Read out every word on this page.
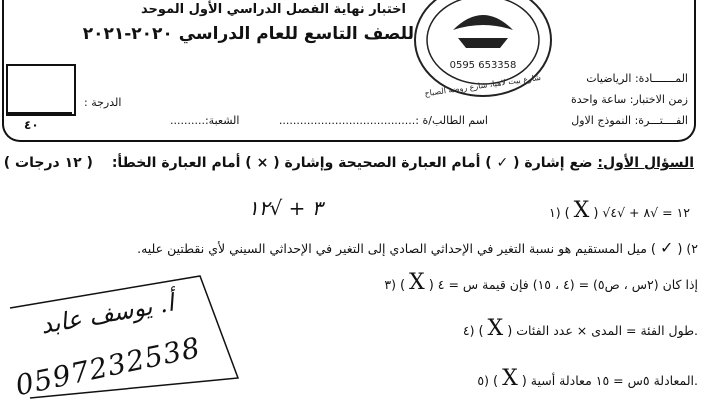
اختبار نهاية الفصل الدراسي الأول الموحد
للصف التاسع للعام الدراسي ٢٠٢٠-٢٠٢١
0595 653358
شارع بيت لاهيا، شارع روضة الصباح	المـــــــادة: الرياضيات
زمن الاختبار: ساعة واحدة
الفــــتـــرة: النموذج الاول
اسم الطالب/ة :.......................................
الشعبة:..........
الدرجة :
٤٠
السؤال الأول: ضع إشارة ( ✓ ) أمام العبارة الصحيحة وإشارة ( × ) أمام العبارة الخطأ: ( ١٢ درجات )
١) ( X ) √١٢ = √٨ + √٤
٣ + √١٢
٢) ( ✓ ) ميل المستقيم هو نسبة التغير في الإحداثي الصادي إلى التغير في الإحداثي السيني لأي نقطتين عليه.
٣) ( X ) إذا كان (٢س ، ص٥) = (٤ ، ١٥) فإن قيمة س = ٤
٤) ( X ) طول الفئة = المدى × عدد الفئات.
٥) ( X ) المعادلة ٥س = ١٥ معادلة أسية.
أ. يوسف عابد
0597232538
